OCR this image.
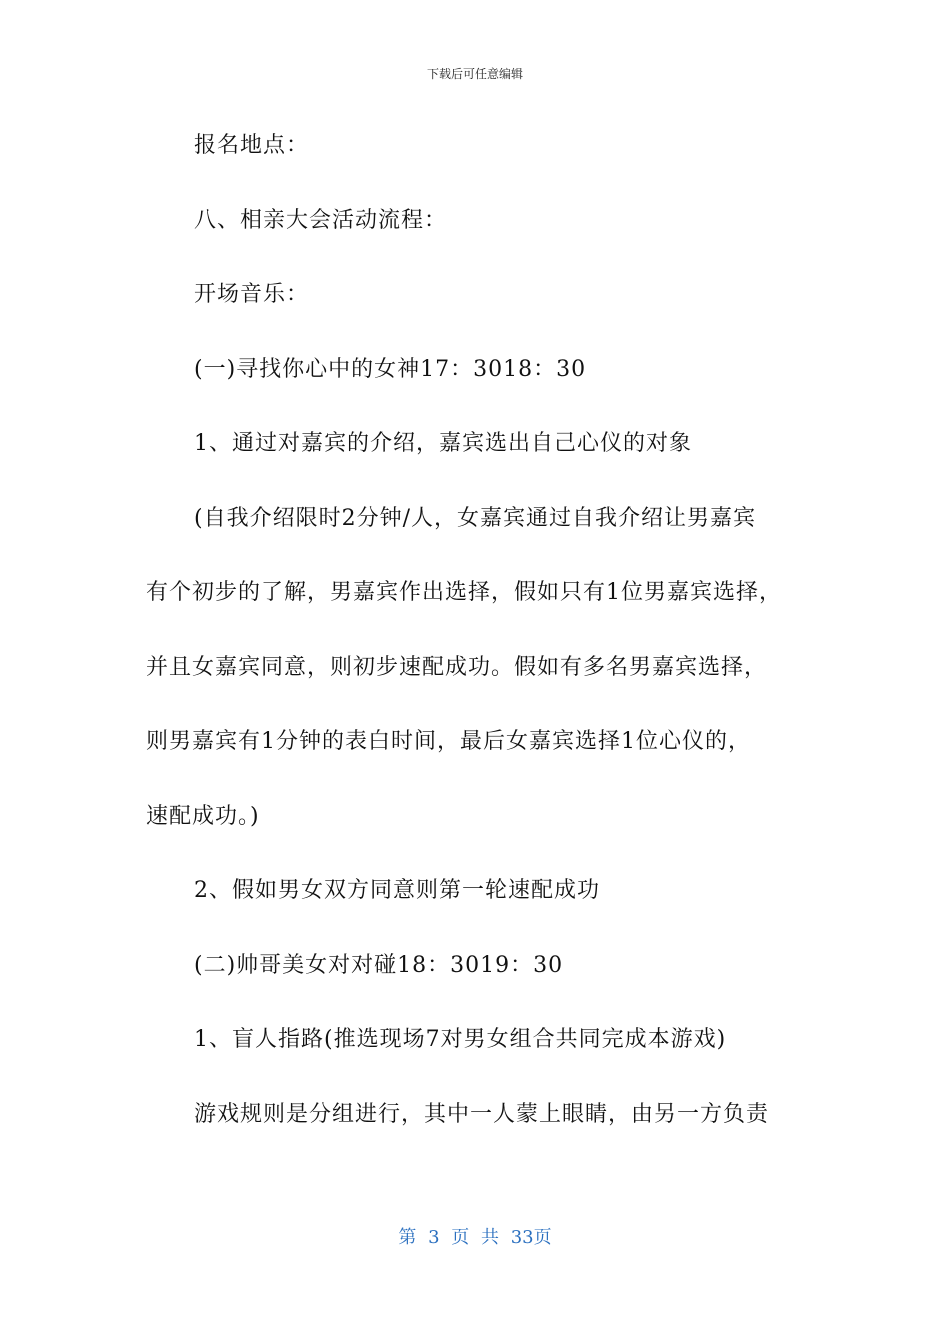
下载后可任意编辑
报名地点：
八、相亲大会活动流程：
开场音乐：
(一)寻找你心中的女神17：3018：30
1、通过对嘉宾的介绍，嘉宾选出自己心仪的对象
(自我介绍限时2分钟/人，女嘉宾通过自我介绍让男嘉宾
有个初步的了解，男嘉宾作出选择，假如只有1位男嘉宾选择，
并且女嘉宾同意，则初步速配成功。假如有多名男嘉宾选择，
则男嘉宾有1分钟的表白时间，最后女嘉宾选择1位心仪的，
速配成功。)
2、假如男女双方同意则第一轮速配成功
(二)帅哥美女对对碰18：3019：30
1、盲人指路(推选现场7对男女组合共同完成本游戏)
游戏规则是分组进行，其中一人蒙上眼睛，由另一方负责
第 3 页 共 33页
